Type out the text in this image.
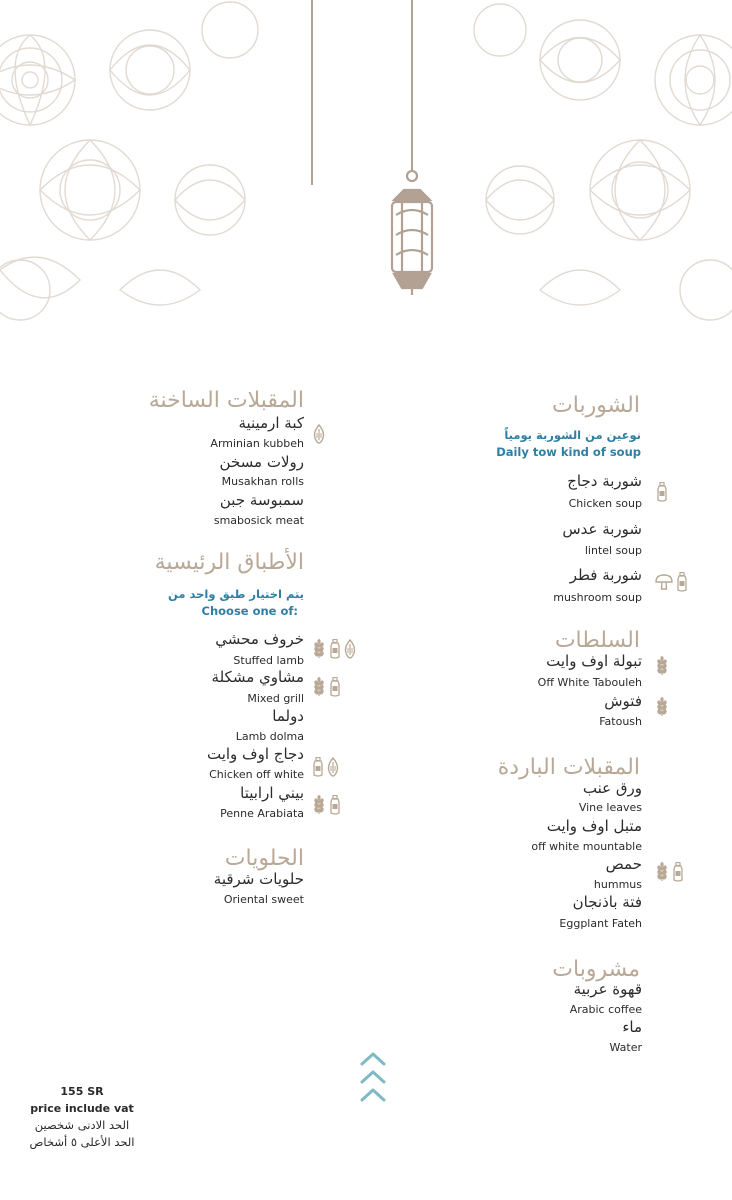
الشوربات
نوعين من الشوربة يومياً
Daily tow kind of soup
شوربة دجاج
Chicken soup
شوربة عدس
lintel soup
شوربة فطر
mushroom soup
السلطات
تبولة اوف وايت
Off White Tabouleh
فتوش
Fatoush
المقبلات الباردة
ورق عنب
Vine leaves
متبل اوف وايت
off white mountable
حمص
hummus
فتة باذنجان
Eggplant Fateh
مشروبات
قهوة عربية
Arabic coffee
ماء
Water
المقبلات الساخنة
كبة ارمينية
Arminian kubbeh
رولات مسخن
Musakhan rolls
سمبوسة جبن
smabosick meat
الأطباق الرئيسية
يتم اختيار طبق واحد من
Choose one of:
خروف محشي
Stuffed lamb
مشاوي مشكلة
Mixed grill
دولما
Lamb dolma
دجاج اوف وايت
Chicken off white
بيني ارابيتا
Penne Arabiata
الحلويات
حلويات شرقية
Oriental sweet
155 SR
price include vat
الحد الادنى شخصين
الحد الأعلى ٥ أشخاص
